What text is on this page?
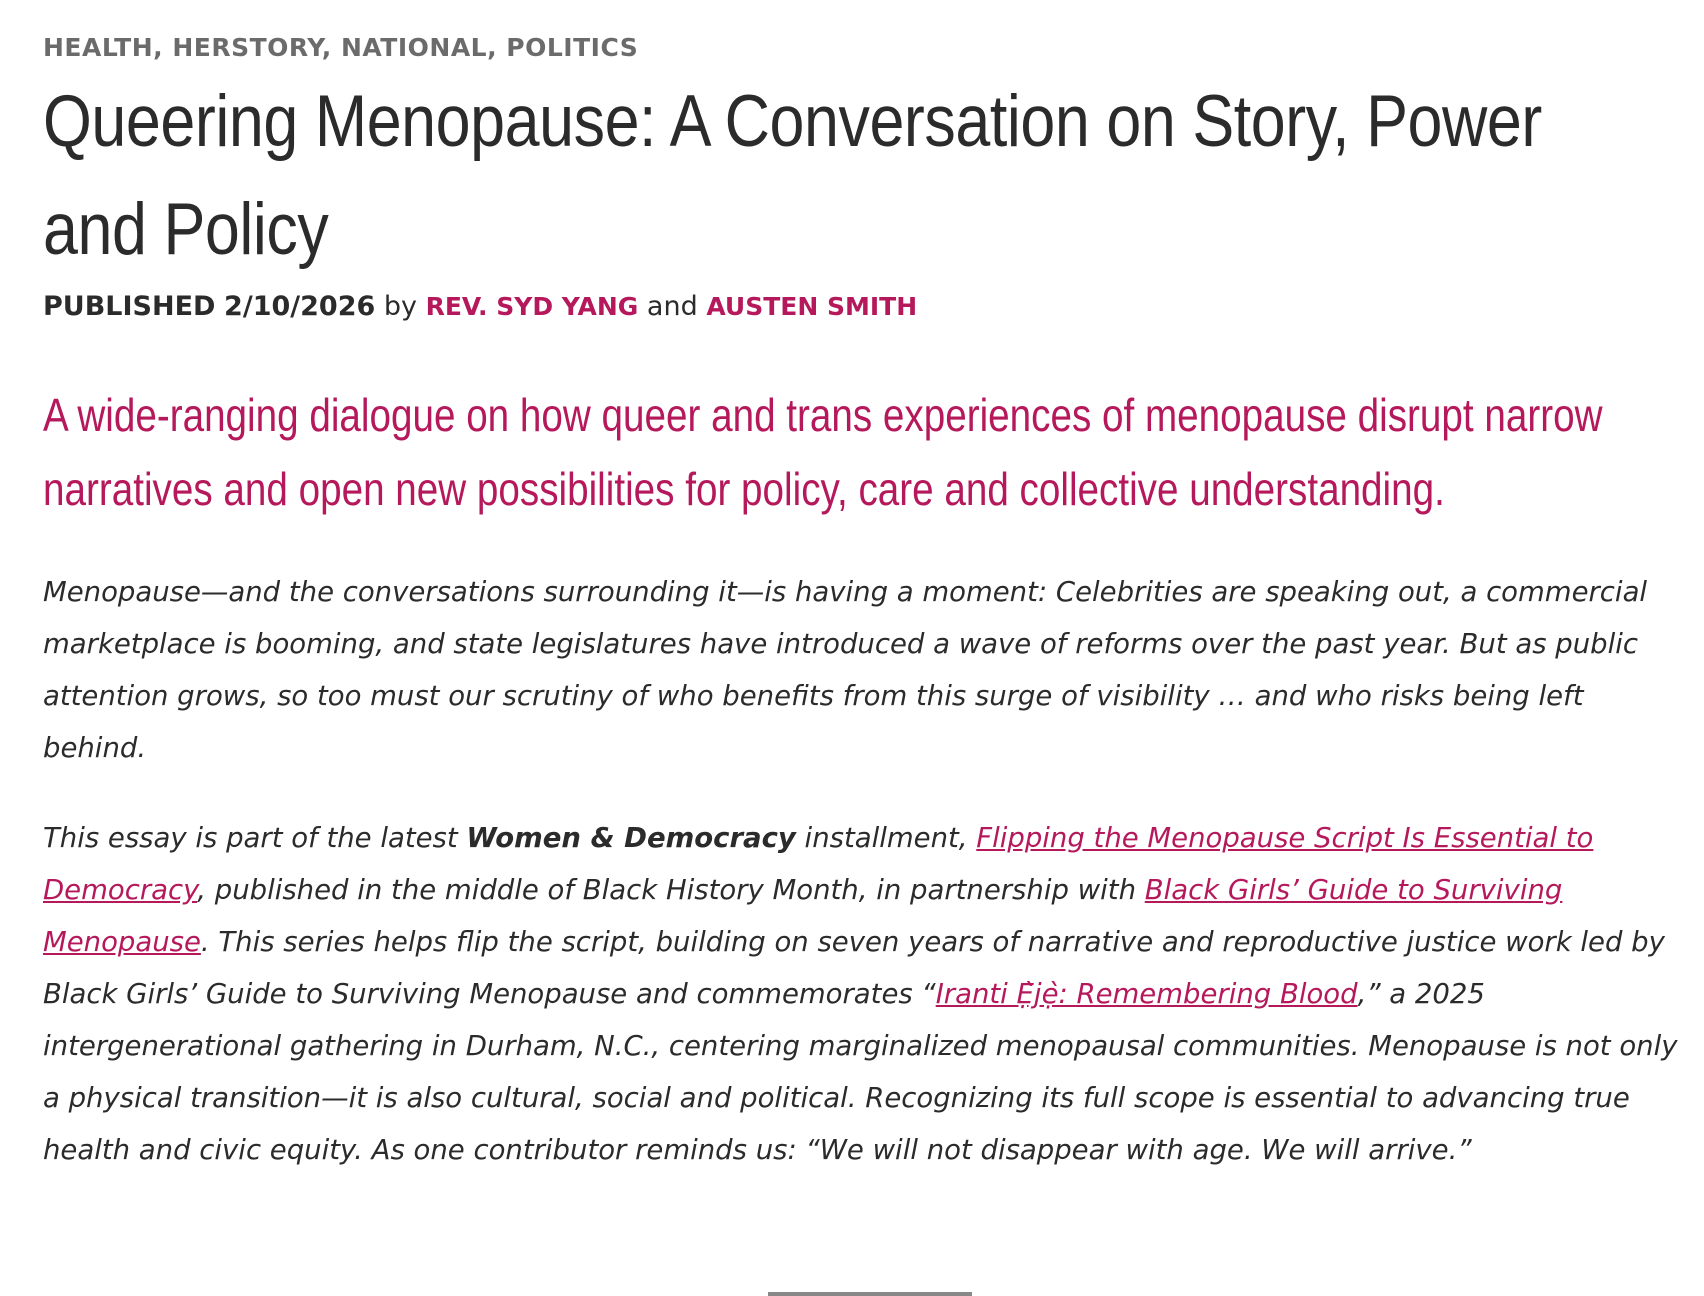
HEALTH, HERSTORY, NATIONAL, POLITICS
Queering Menopause: A Conversation on Story, Power and Policy
PUBLISHED 2/10/2026 by REV. SYD YANG and AUSTEN SMITH

A wide-ranging dialogue on how queer and trans experiences of menopause disrupt narrow narratives and open new possibilities for policy, care and collective understanding.

Menopause—and the conversations surrounding it—is having a moment: Celebrities are speaking out, a commercial marketplace is booming, and state legislatures have introduced a wave of reforms over the past year. But as public attention grows, so too must our scrutiny of who benefits from this surge of visibility … and who risks being left behind.

This essay is part of the latest Women & Democracy installment, Flipping the Menopause Script Is Essential to Democracy, published in the middle of Black History Month, in partnership with Black Girls’ Guide to Surviving Menopause. This series helps flip the script, building on seven years of narrative and reproductive justice work led by Black Girls’ Guide to Surviving Menopause and commemorates “Iranti Ẹ̀jẹ̀: Remembering Blood,” a 2025 intergenerational gathering in Durham, N.C., centering marginalized menopausal communities. Menopause is not only a physical transition—it is also cultural, social and political. Recognizing its full scope is essential to advancing true health and civic equity. As one contributor reminds us: “We will not disappear with age. We will arrive.”
